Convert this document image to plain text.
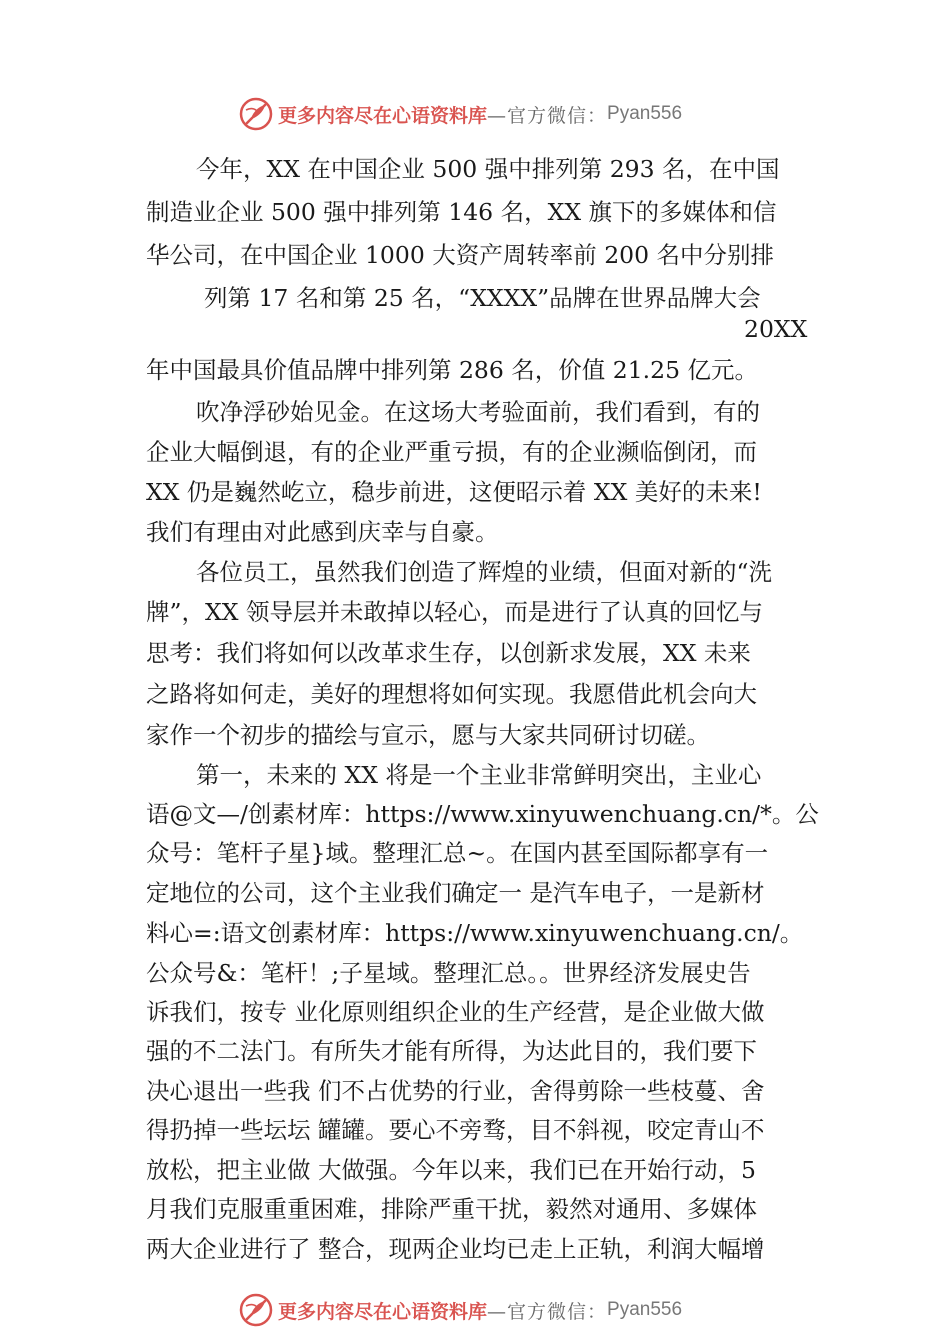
更多内容尽在心语资料库 —官方微信： Pyan556
今年，XX 在中国企业 500 强中排列第 293 名，在中国
制造业企业 500 强中排列第 146 名，XX 旗下的多媒体和信
华公司，在中国企业 1000 大资产周转率前 200 名中分别排
列第 17 名和第 25 名，“XXXX”品牌在世界品牌大会
20XX
年中国最具价值品牌中排列第 286 名，价值 21.25 亿元。
吹净浮砂始见金。在这场大考验面前，我们看到，有的
企业大幅倒退，有的企业严重亏损，有的企业濒临倒闭，而
XX 仍是巍然屹立，稳步前进，这便昭示着 XX 美好的未来!
我们有理由对此感到庆幸与自豪。
各位员工，虽然我们创造了辉煌的业绩，但面对新的“洗
牌”，XX 领导层并未敢掉以轻心，而是进行了认真的回忆与
思考：我们将如何以改革求生存，以创新求发展，XX 未来
之路将如何走，美好的理想将如何实现。我愿借此机会向大
家作一个初步的描绘与宣示，愿与大家共同研讨切磋。
第一，未来的 XX 将是一个主业非常鲜明突出，主业心
语@文—/创素材库：https://www.xinyuwenchuang.cn/*。公
众号：笔杆子星}域。整理汇总~。在国内甚至国际都享有一
定地位的公司，这个主业我们确定一 是汽车电子，一是新材
料心=:语文创素材库：https://www.xinyuwenchuang.cn/。
公众号&：笔杆！;子星域。整理汇总。。世界经济发展史告
诉我们，按专 业化原则组织企业的生产经营，是企业做大做
强的不二法门。有所失才能有所得，为达此目的，我们要下
决心退出一些我 们不占优势的行业，舍得剪除一些枝蔓、舍
得扔掉一些坛坛 罐罐。要心不旁骛，目不斜视，咬定青山不
放松，把主业做 大做强。今年以来，我们已在开始行动，5
月我们克服重重困难，排除严重干扰，毅然对通用、多媒体
两大企业进行了 整合，现两企业均已走上正轨，利润大幅增
更多内容尽在心语资料库 —官方微信： Pyan556
